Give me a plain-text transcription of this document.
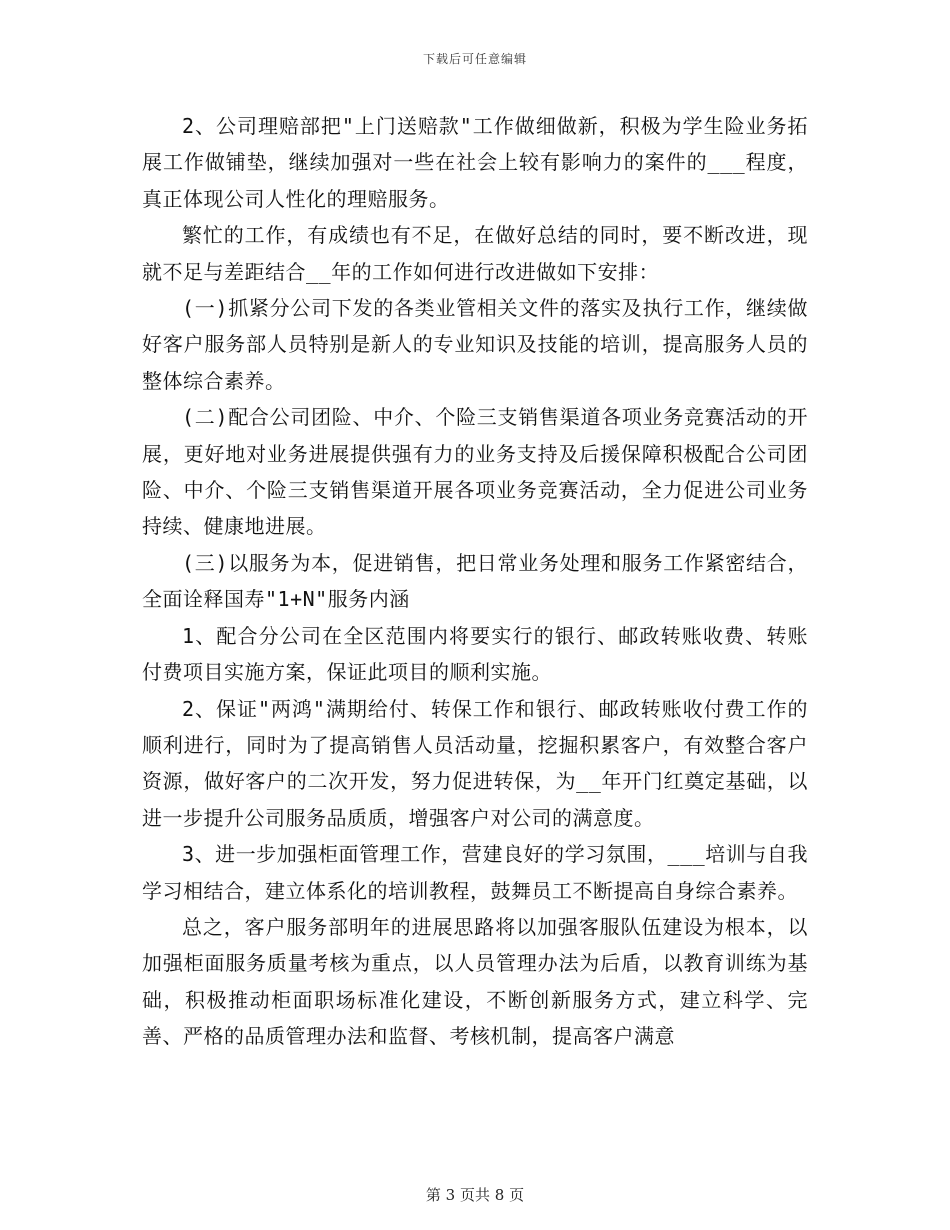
下载后可任意编辑

2、公司理赔部把"上门送赔款"工作做细做新，积极为学生险业务拓展工作做铺垫，继续加强对一些在社会上较有影响力的案件的___程度，真正体现公司人性化的理赔服务。

繁忙的工作，有成绩也有不足，在做好总结的同时，要不断改进，现就不足与差距结合__年的工作如何进行改进做如下安排：

(一)抓紧分公司下发的各类业管相关文件的落实及执行工作，继续做好客户服务部人员特别是新人的专业知识及技能的培训，提高服务人员的整体综合素养。

(二)配合公司团险、中介、个险三支销售渠道各项业务竞赛活动的开展，更好地对业务进展提供强有力的业务支持及后援保障积极配合公司团险、中介、个险三支销售渠道开展各项业务竞赛活动，全力促进公司业务持续、健康地进展。

(三)以服务为本，促进销售，把日常业务处理和服务工作紧密结合，全面诠释国寿"1+N"服务内涵

1、配合分公司在全区范围内将要实行的银行、邮政转账收费、转账付费项目实施方案，保证此项目的顺利实施。

2、保证"两鸿"满期给付、转保工作和银行、邮政转账收付费工作的顺利进行，同时为了提高销售人员活动量，挖掘积累客户，有效整合客户资源，做好客户的二次开发，努力促进转保，为__年开门红奠定基础，以进一步提升公司服务品质质，增强客户对公司的满意度。

3、进一步加强柜面管理工作，营建良好的学习氛围，___培训与自我学习相结合，建立体系化的培训教程，鼓舞员工不断提高自身综合素养。

总之，客户服务部明年的进展思路将以加强客服队伍建设为根本，以加强柜面服务质量考核为重点，以人员管理办法为后盾，以教育训练为基础，积极推动柜面职场标准化建设，不断创新服务方式，建立科学、完善、严格的品质管理办法和监督、考核机制，提高客户满意

第 3 页共 8 页
